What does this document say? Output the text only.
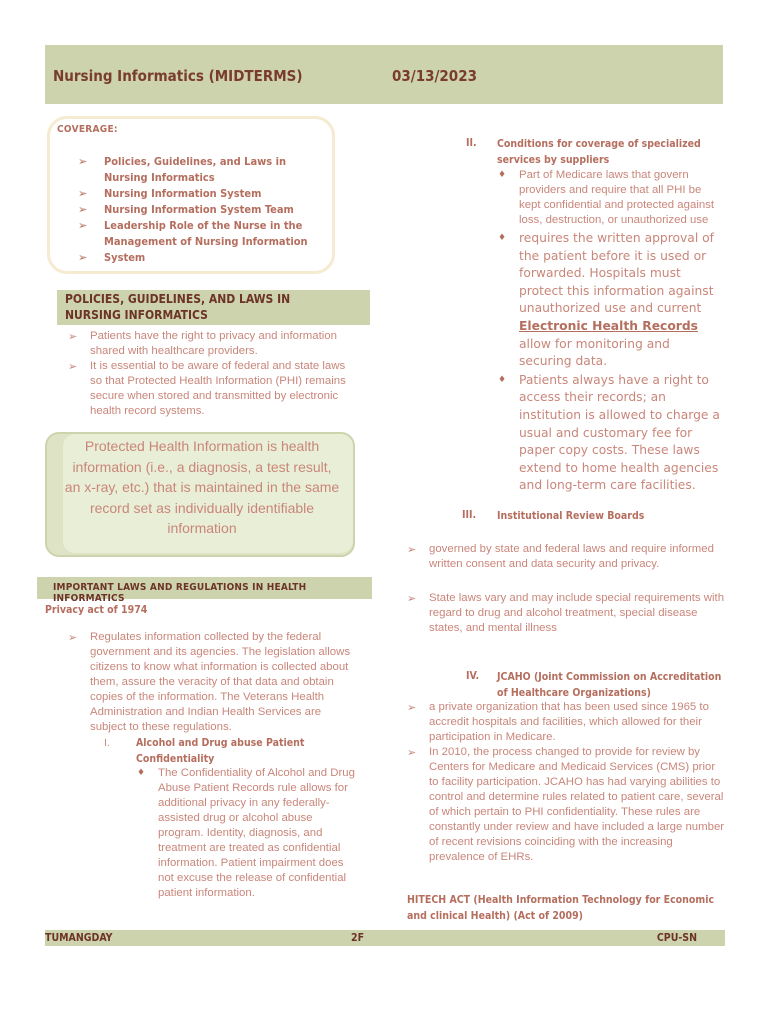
Nursing Informatics (MIDTERMS)	03/13/2023
COVERAGE:
➢ Policies, Guidelines, and Laws in Nursing Informatics
➢ Nursing Information System
➢ Nursing Information System Team
➢ Leadership Role of the Nurse in the Management of Nursing Information
➢ System
POLICIES, GUIDELINES, AND LAWS IN NURSING INFORMATICS
➢ Patients have the right to privacy and information shared with healthcare providers.
➢ It is essential to be aware of federal and state laws so that Protected Health Information (PHI) remains secure when stored and transmitted by electronic health record systems.
Protected Health Information is health information (i.e., a diagnosis, a test result, an x-ray, etc.) that is maintained in the same record set as individually identifiable information
IMPORTANT LAWS AND REGULATIONS IN HEALTH INFORMATICS
Privacy act of 1974
➢ Regulates information collected by the federal government and its agencies. The legislation allows citizens to know what information is collected about them, assure the veracity of that data and obtain copies of the information. The Veterans Health Administration and Indian Health Services are subject to these regulations.
I. Alcohol and Drug abuse Patient Confidentiality
♦ The Confidentiality of Alcohol and Drug Abuse Patient Records rule allows for additional privacy in any federally-assisted drug or alcohol abuse program. Identity, diagnosis, and treatment are treated as confidential information. Patient impairment does not excuse the release of confidential patient information.
II. Conditions for coverage of specialized services by suppliers
♦ Part of Medicare laws that govern providers and require that all PHI be kept confidential and protected against loss, destruction, or unauthorized use
♦ requires the written approval of the patient before it is used or forwarded. Hospitals must protect this information against unauthorized use and current Electronic Health Records allow for monitoring and securing data.
♦ Patients always have a right to access their records; an institution is allowed to charge a usual and customary fee for paper copy costs. These laws extend to home health agencies and long-term care facilities.
III. Institutional Review Boards
➢ governed by state and federal laws and require informed written consent and data security and privacy.
➢ State laws vary and may include special requirements with regard to drug and alcohol treatment, special disease states, and mental illness
IV. JCAHO (Joint Commission on Accreditation of Healthcare Organizations)
➢ a private organization that has been used since 1965 to accredit hospitals and facilities, which allowed for their participation in Medicare.
➢ In 2010, the process changed to provide for review by Centers for Medicare and Medicaid Services (CMS) prior to facility participation. JCAHO has had varying abilities to control and determine rules related to patient care, several of which pertain to PHI confidentiality. These rules are constantly under review and have included a large number of recent revisions coinciding with the increasing prevalence of EHRs.
HITECH ACT (Health Information Technology for Economic and clinical Health) (Act of 2009)
TUMANGDAY	2F	CPU-SN
